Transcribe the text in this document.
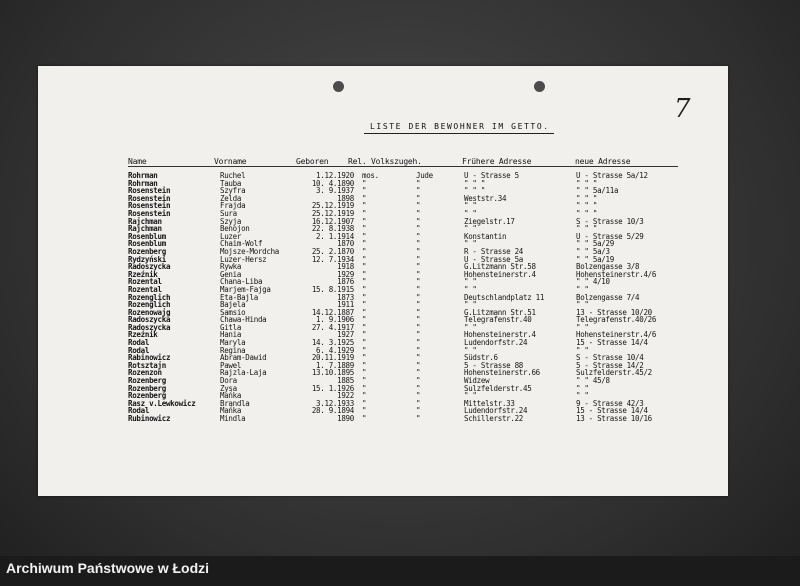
7
LISTE DER BEWOHNER IM GETTO.
Name	Vorname	Geboren Rel. Volkszugeh.	Frühere Adresse	neue Adresse
Rohrman	Ruchel	1.12.1920 mos.	Jude	U - Strasse 5	U - Strasse 5a/12
Rohrman	Tauba	10. 4.1890 "	"	" " "	" " "
Rosenstein	Szyfra	3. 9.1937 "	"	" " "	" " 5a/11a
Rosenstein	Zelda	1898 "	"	Weststr.34	" " "
Rosenstein	Frajda	25.12.1919 "	"	" "	" " "
Rosenstein	Sura	25.12.1919 "	"	" "	" " "
Rajchman	Szyja	16.12.1907 "	"	Ziegelstr.17	S - Strasse 10/3
Rajchman	Benojon	22. 8.1938 "	"	" "	" " "
Rosenblum	Luzer	2. 1.1914 "	"	Konstantin	U - Strasse 5/29
Rosenblum	Chaim-Wolf	1870 "	"	" "	" " 5a/29
Rozenberg	Mojsze-Mordcha	25. 2.1870 "	"	R - Strasse 24	" " 5a/3
Rydzyński	Luzer-Hersz	12. 7.1934 "	"	U - Strasse 5a	" " 5a/19
Radoszycka	Rywka	1918 "	"	G.Litzmann Str.58	Bolzengasse 3/8
Rzeźnik	Genia	1929 "	"	Hohensteinerstr.4	Hohensteinerstr.4/6
Rozental	Chana-Liba	1876 "	"	" "	" " 4/10
Rozental	Marjem-Fajga	15. 8.1915 "	"	" "	" "
Rozenglich	Eta-Bajla	1873 "	"	Deutschlandplatz 11	Bolzengasse 7/4
Rozenglich	Bajela	1911 "	"	" "	" "
Rozenowajg	Samsio	14.12.1887 "	"	G.Litzmann Str.51	13 - Strasse 10/20
Radoszycka	Chawa-Hinda	1. 9.1906 "	"	Telegrafenstr.40	Telegrafenstr.40/26
Radoszycka	Gitla	27. 4.1917 "	"	" "	" "
Rzeźnik	Hania	1927 "	"	Hohensteinerstr.4	Hohensteinerstr.4/6
Rodal	Maryla	14. 3.1925 "	"	Ludendorfstr.24	15 - Strasse 14/4
Rodal	Regina	6. 4.1929 "	"	" "	" "
Rabinowicz	Abram-Dawid	20.11.1919 "	"	Südstr.6	S - Strasse 10/4
Rotsztajn	Pawel	1. 7.1889 "	"	5 - Strasse 88	5 - Strasse 14/2
Rozenzon	Rajzla-Laja	13.10.1895 "	"	Hohensteinerstr.66	Sulzfelderstr.45/2
Rozenberg	Dora	1885 "	"	Widzew	" " 45/8
Rozenberg	Zysa	15. 1.1926 "	"	Sulzfelderstr.45	" "
Rozenberg	Mańka	1922 "	"	" "	" "
Rasz v.Lewkowicz	Brandla	3.12.1933 "	"	Mittelstr.33	9 - Strasse 42/3
Rodal	Mańka	28. 9.1894 "	"	Ludendorfstr.24	15 - Strasse 14/4
Rubinowicz	Mindla	1890 "	"	Schillerstr.22	13 - Strasse 10/16
Archiwum Państwowe w Łodzi
